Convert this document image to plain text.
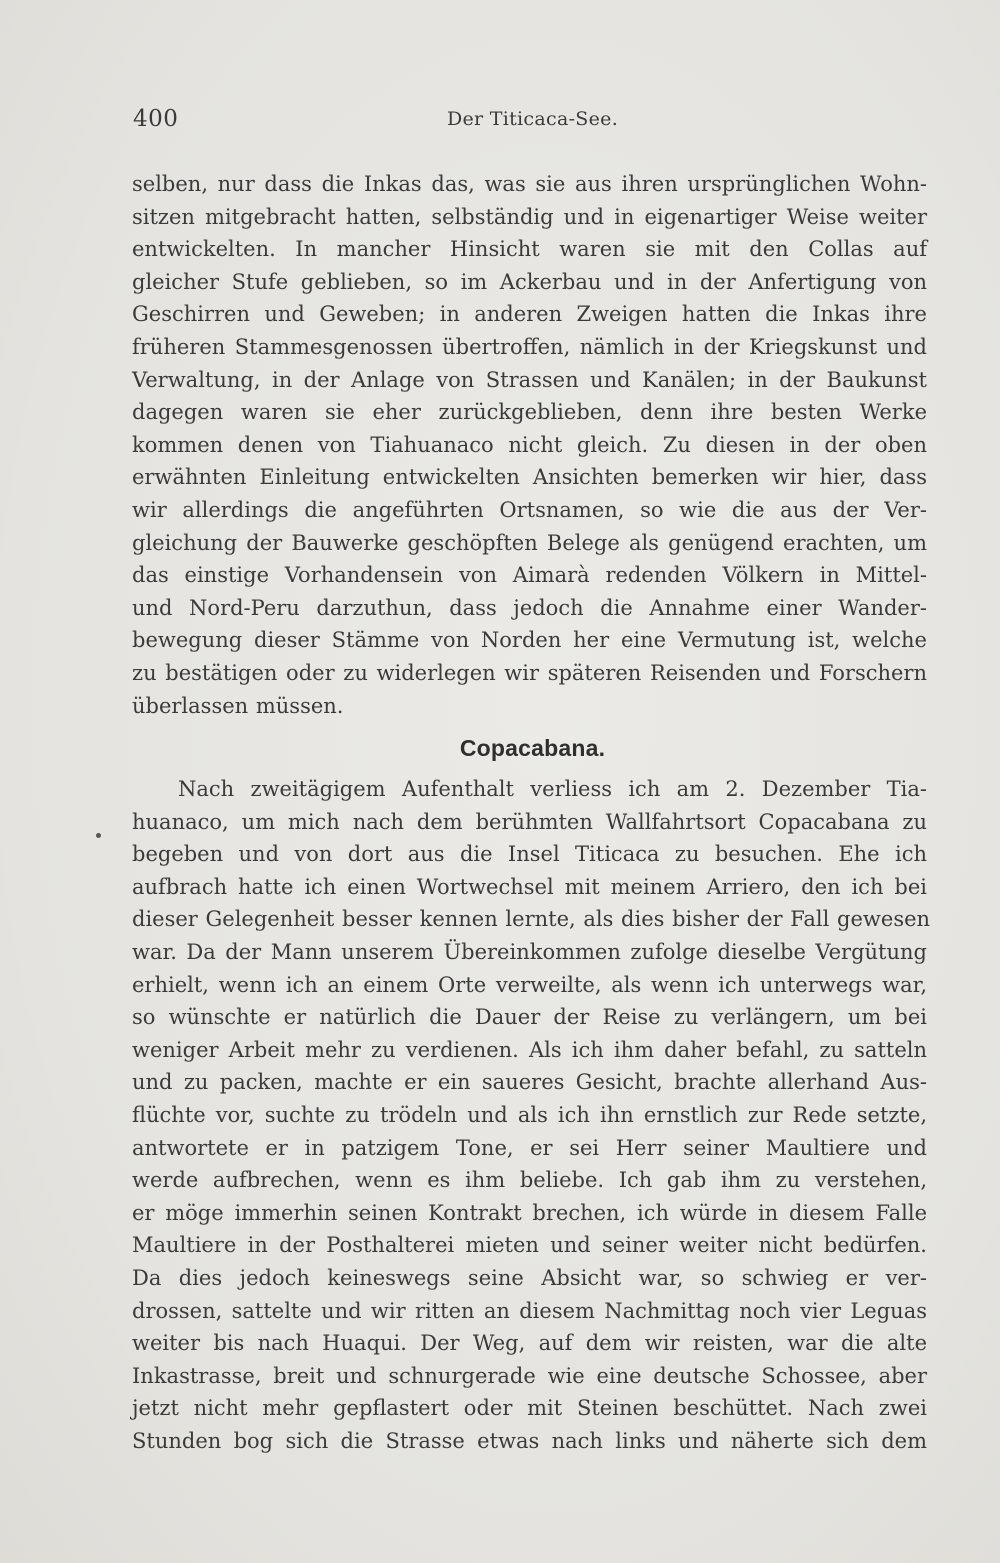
400	Der Titicaca-See.
selben, nur dass die Inkas das, was sie aus ihren ursprünglichen Wohn-
sitzen mitgebracht hatten, selbständig und in eigenartiger Weise weiter
entwickelten. In mancher Hinsicht waren sie mit den Collas auf
gleicher Stufe geblieben, so im Ackerbau und in der Anfertigung von
Geschirren und Geweben; in anderen Zweigen hatten die Inkas ihre
früheren Stammesgenossen übertroffen, nämlich in der Kriegskunst und
Verwaltung, in der Anlage von Strassen und Kanälen; in der Baukunst
dagegen waren sie eher zurückgeblieben, denn ihre besten Werke
kommen denen von Tiahuanaco nicht gleich. Zu diesen in der oben
erwähnten Einleitung entwickelten Ansichten bemerken wir hier, dass
wir allerdings die angeführten Ortsnamen, so wie die aus der Ver-
gleichung der Bauwerke geschöpften Belege als genügend erachten, um
das einstige Vorhandensein von Aimarà redenden Völkern in Mittel-
und Nord-Peru darzuthun, dass jedoch die Annahme einer Wander-
bewegung dieser Stämme von Norden her eine Vermutung ist, welche
zu bestätigen oder zu widerlegen wir späteren Reisenden und Forschern
überlassen müssen.
Copacabana.
Nach zweitägigem Aufenthalt verliess ich am 2. Dezember Tia-
huanaco, um mich nach dem berühmten Wallfahrtsort Copacabana zu
begeben und von dort aus die Insel Titicaca zu besuchen. Ehe ich
aufbrach hatte ich einen Wortwechsel mit meinem Arriero, den ich bei
dieser Gelegenheit besser kennen lernte, als dies bisher der Fall gewesen
war. Da der Mann unserem Übereinkommen zufolge dieselbe Vergütung
erhielt, wenn ich an einem Orte verweilte, als wenn ich unterwegs war,
so wünschte er natürlich die Dauer der Reise zu verlängern, um bei
weniger Arbeit mehr zu verdienen. Als ich ihm daher befahl, zu satteln
und zu packen, machte er ein saueres Gesicht, brachte allerhand Aus-
flüchte vor, suchte zu trödeln und als ich ihn ernstlich zur Rede setzte,
antwortete er in patzigem Tone, er sei Herr seiner Maultiere und
werde aufbrechen, wenn es ihm beliebe. Ich gab ihm zu verstehen,
er möge immerhin seinen Kontrakt brechen, ich würde in diesem Falle
Maultiere in der Posthalterei mieten und seiner weiter nicht bedürfen.
Da dies jedoch keineswegs seine Absicht war, so schwieg er ver-
drossen, sattelte und wir ritten an diesem Nachmittag noch vier Leguas
weiter bis nach Huaqui. Der Weg, auf dem wir reisten, war die alte
Inkastrasse, breit und schnurgerade wie eine deutsche Schossee, aber
jetzt nicht mehr gepflastert oder mit Steinen beschüttet. Nach zwei
Stunden bog sich die Strasse etwas nach links und näherte sich dem
